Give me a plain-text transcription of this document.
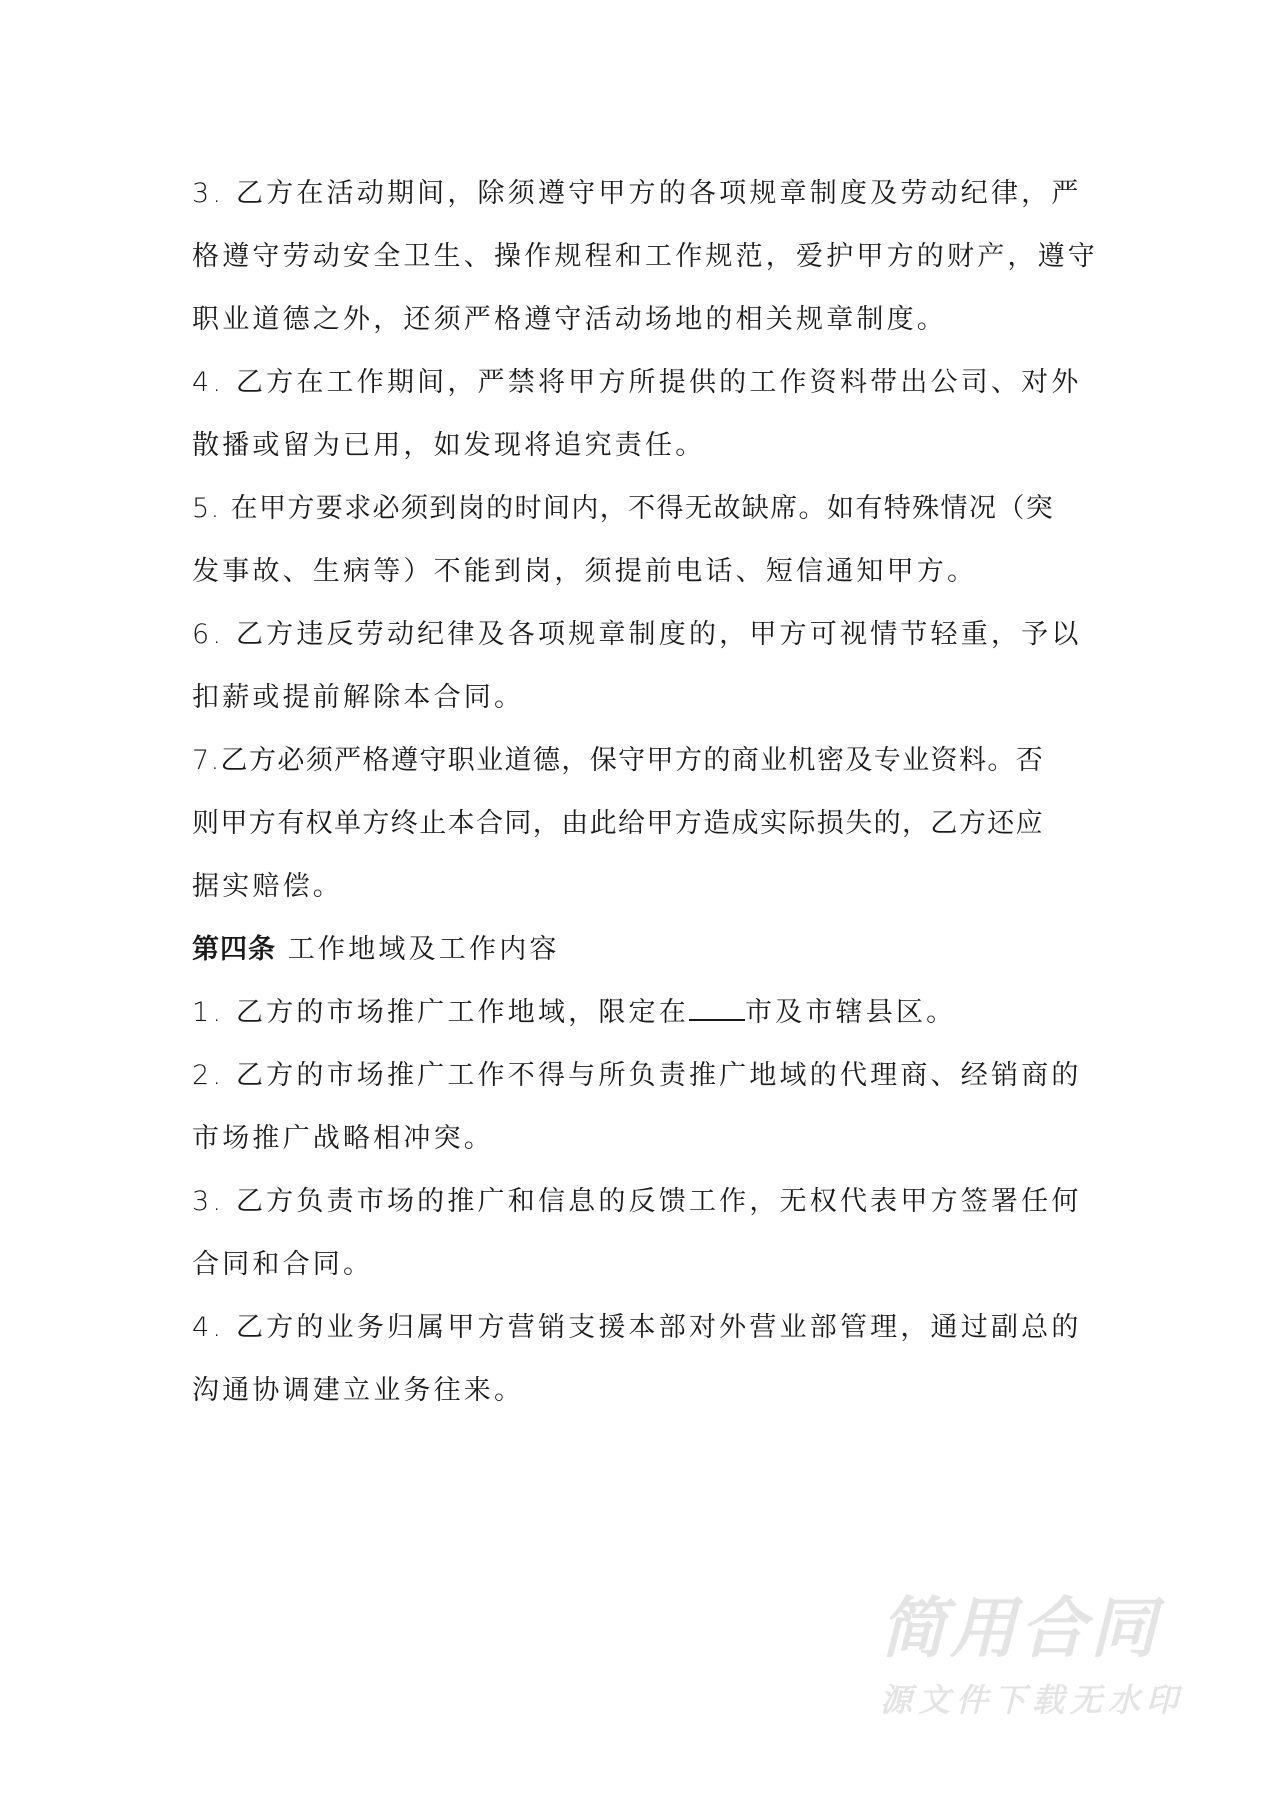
3. 乙方在活动期间，除须遵守甲方的各项规章制度及劳动纪律，严
格遵守劳动安全卫生、操作规程和工作规范，爱护甲方的财产，遵守
职业道德之外，还须严格遵守活动场地的相关规章制度。
4. 乙方在工作期间，严禁将甲方所提供的工作资料带出公司、对外
散播或留为已用，如发现将追究责任。
5. 在甲方要求必须到岗的时间内，不得无故缺席。如有特殊情况（突
发事故、生病等）不能到岗，须提前电话、短信通知甲方。
6. 乙方违反劳动纪律及各项规章制度的，甲方可视情节轻重，予以
扣薪或提前解除本合同。
7.乙方必须严格遵守职业道德，保守甲方的商业机密及专业资料。否
则甲方有权单方终止本合同，由此给甲方造成实际损失的，乙方还应
据实赔偿。
第四条 工作地域及工作内容
1. 乙方的市场推广工作地域，限定在 市及市辖县区。
2. 乙方的市场推广工作不得与所负责推广地域的代理商、经销商的
市场推广战略相冲突。
3. 乙方负责市场的推广和信息的反馈工作，无权代表甲方签署任何
合同和合同。
4. 乙方的业务归属甲方营销支援本部对外营业部管理，通过副总的
沟通协调建立业务往来。
简用合同
源文件下载无水印
